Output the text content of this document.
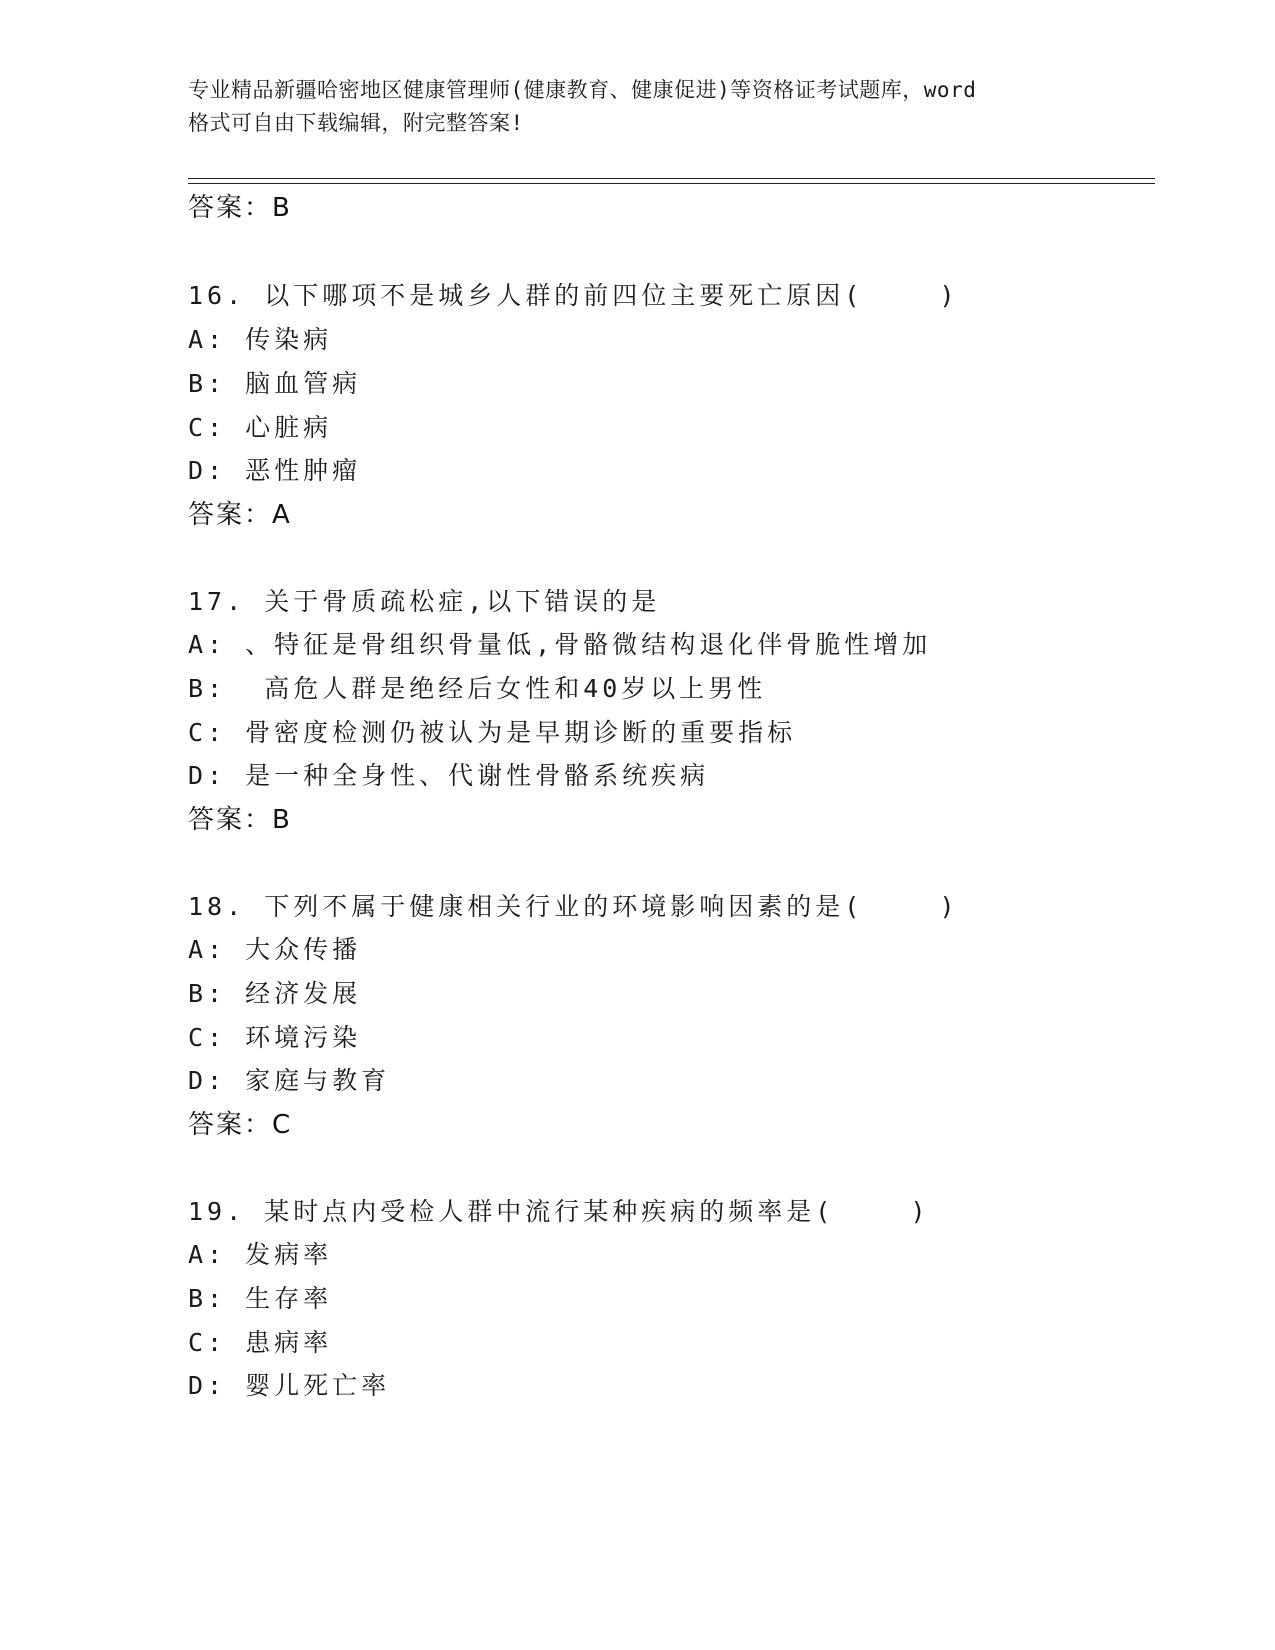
专业精品新疆哈密地区健康管理师(健康教育、健康促进)等资格证考试题库，word
格式可自由下载编辑，附完整答案!
答案：B
16. 以下哪项不是城乡人群的前四位主要死亡原因(    )
A: 传染病
B: 脑血管病
C: 心脏病
D: 恶性肿瘤
答案：A
17. 关于骨质疏松症,以下错误的是
A: 、特征是骨组织骨量低,骨骼微结构退化伴骨脆性增加
B:  高危人群是绝经后女性和40岁以上男性
C: 骨密度检测仍被认为是早期诊断的重要指标
D: 是一种全身性、代谢性骨骼系统疾病
答案：B
18. 下列不属于健康相关行业的环境影响因素的是(    )
A: 大众传播
B: 经济发展
C: 环境污染
D: 家庭与教育
答案：C
19. 某时点内受检人群中流行某种疾病的频率是(    )
A: 发病率
B: 生存率
C: 患病率
D: 婴儿死亡率
